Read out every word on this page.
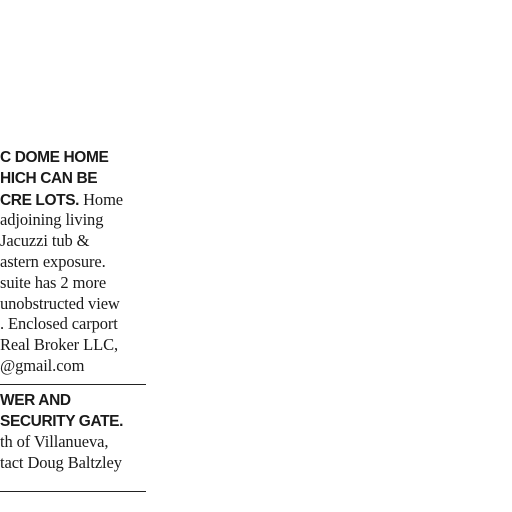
C DOME HOME
HICH CAN BE
CRE LOTS. Home
adjoining living
Jacuzzi tub &
astern exposure.
suite has 2 more
unobstructed view
. Enclosed carport
Real Broker LLC,
@gmail.com
WER AND
SECURITY GATE.
th of Villanueva,
tact Doug Baltzley
